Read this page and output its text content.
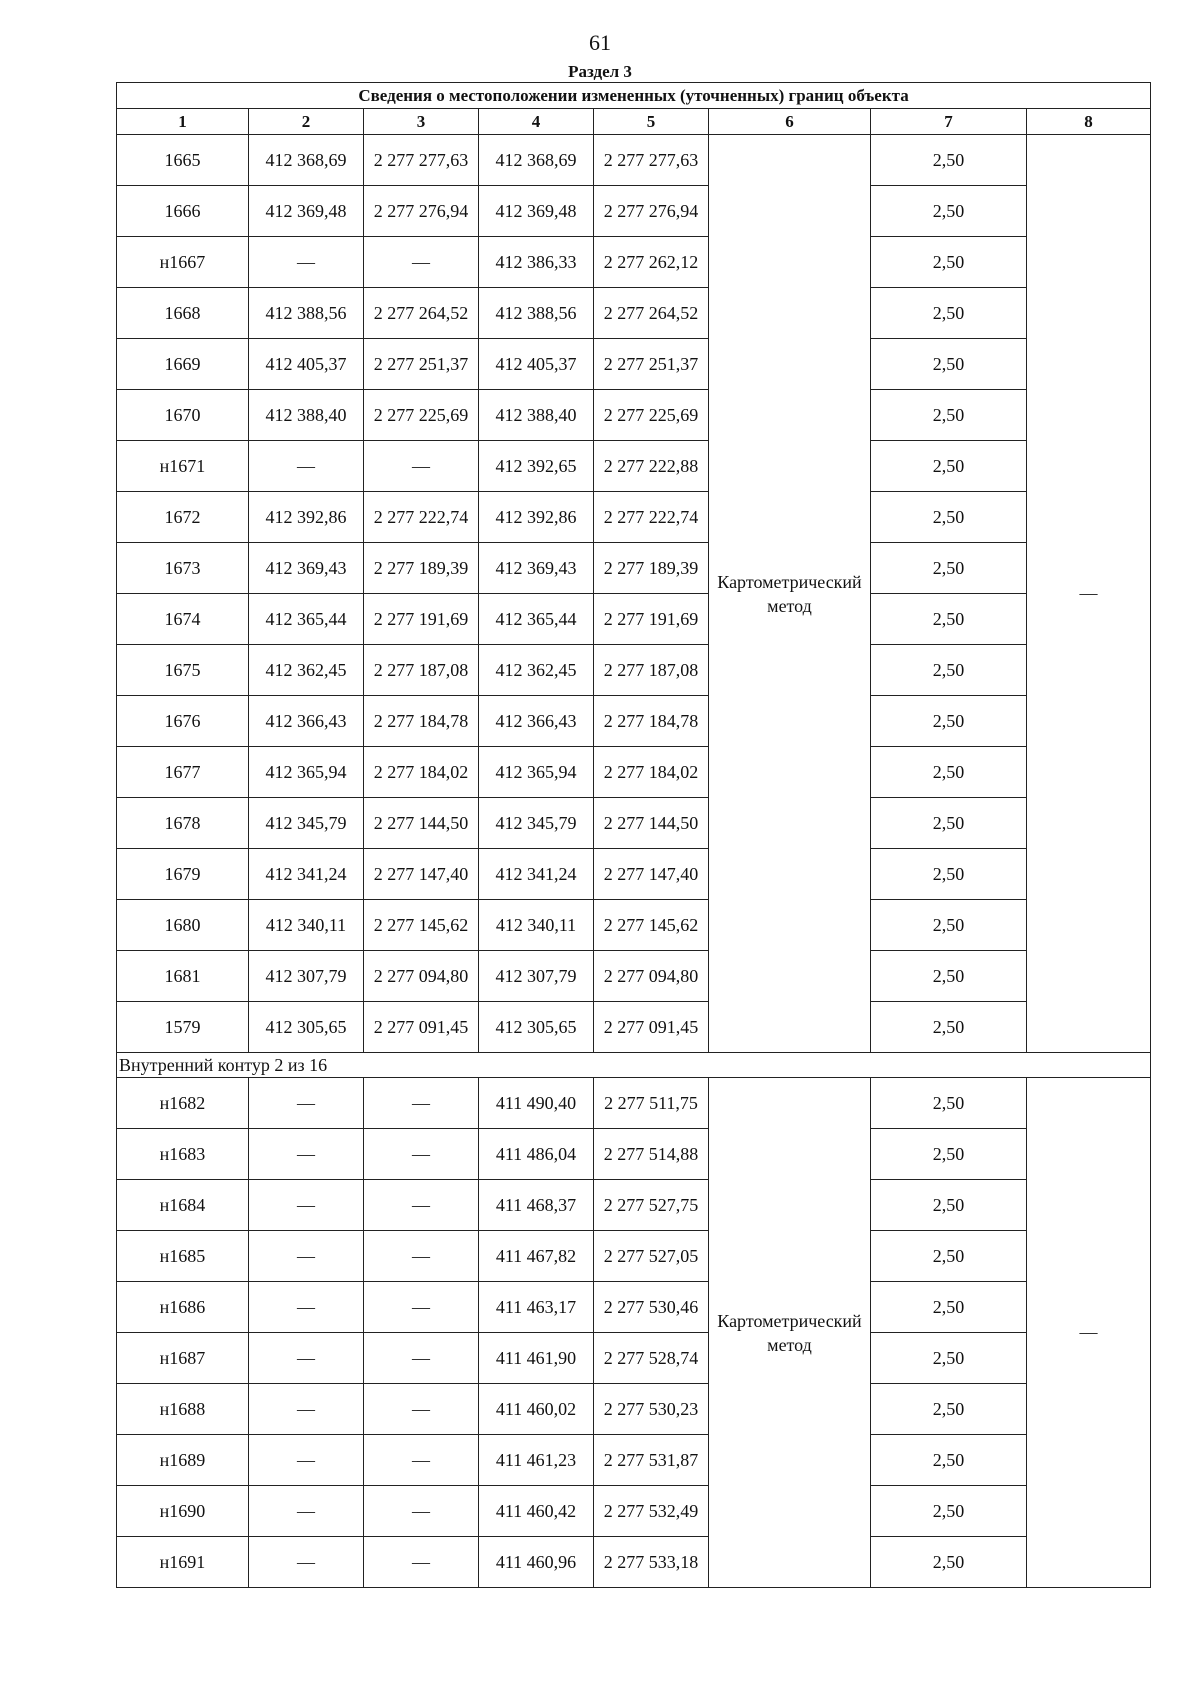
61
Раздел 3
Сведения о местоположении измененных (уточненных) границ объекта							
1	2	3	4	5	6	7	8
1665	412 368,69	2 277 277,63	412 368,69	2 277 277,63	Картометрический метод	2,50	—
1666	412 369,48	2 277 276,94	412 369,48	2 277 276,94		2,50	
н1667	—	—	412 386,33	2 277 262,12		2,50	
1668	412 388,56	2 277 264,52	412 388,56	2 277 264,52		2,50	
1669	412 405,37	2 277 251,37	412 405,37	2 277 251,37		2,50	
1670	412 388,40	2 277 225,69	412 388,40	2 277 225,69		2,50	
н1671	—	—	412 392,65	2 277 222,88		2,50	
1672	412 392,86	2 277 222,74	412 392,86	2 277 222,74		2,50	
1673	412 369,43	2 277 189,39	412 369,43	2 277 189,39		2,50	
1674	412 365,44	2 277 191,69	412 365,44	2 277 191,69		2,50	
1675	412 362,45	2 277 187,08	412 362,45	2 277 187,08		2,50	
1676	412 366,43	2 277 184,78	412 366,43	2 277 184,78		2,50	
1677	412 365,94	2 277 184,02	412 365,94	2 277 184,02		2,50	
1678	412 345,79	2 277 144,50	412 345,79	2 277 144,50		2,50	
1679	412 341,24	2 277 147,40	412 341,24	2 277 147,40		2,50	
1680	412 340,11	2 277 145,62	412 340,11	2 277 145,62		2,50	
1681	412 307,79	2 277 094,80	412 307,79	2 277 094,80		2,50	
1579	412 305,65	2 277 091,45	412 305,65	2 277 091,45		2,50	
Внутренний контур 2 из 16							
н1682	—	—	411 490,40	2 277 511,75	Картометрический метод	2,50	—
н1683	—	—	411 486,04	2 277 514,88		2,50	
н1684	—	—	411 468,37	2 277 527,75		2,50	
н1685	—	—	411 467,82	2 277 527,05		2,50	
н1686	—	—	411 463,17	2 277 530,46		2,50	
н1687	—	—	411 461,90	2 277 528,74		2,50	
н1688	—	—	411 460,02	2 277 530,23		2,50	
н1689	—	—	411 461,23	2 277 531,87		2,50	
н1690	—	—	411 460,42	2 277 532,49		2,50	
н1691	—	—	411 460,96	2 277 533,18		2,50	
